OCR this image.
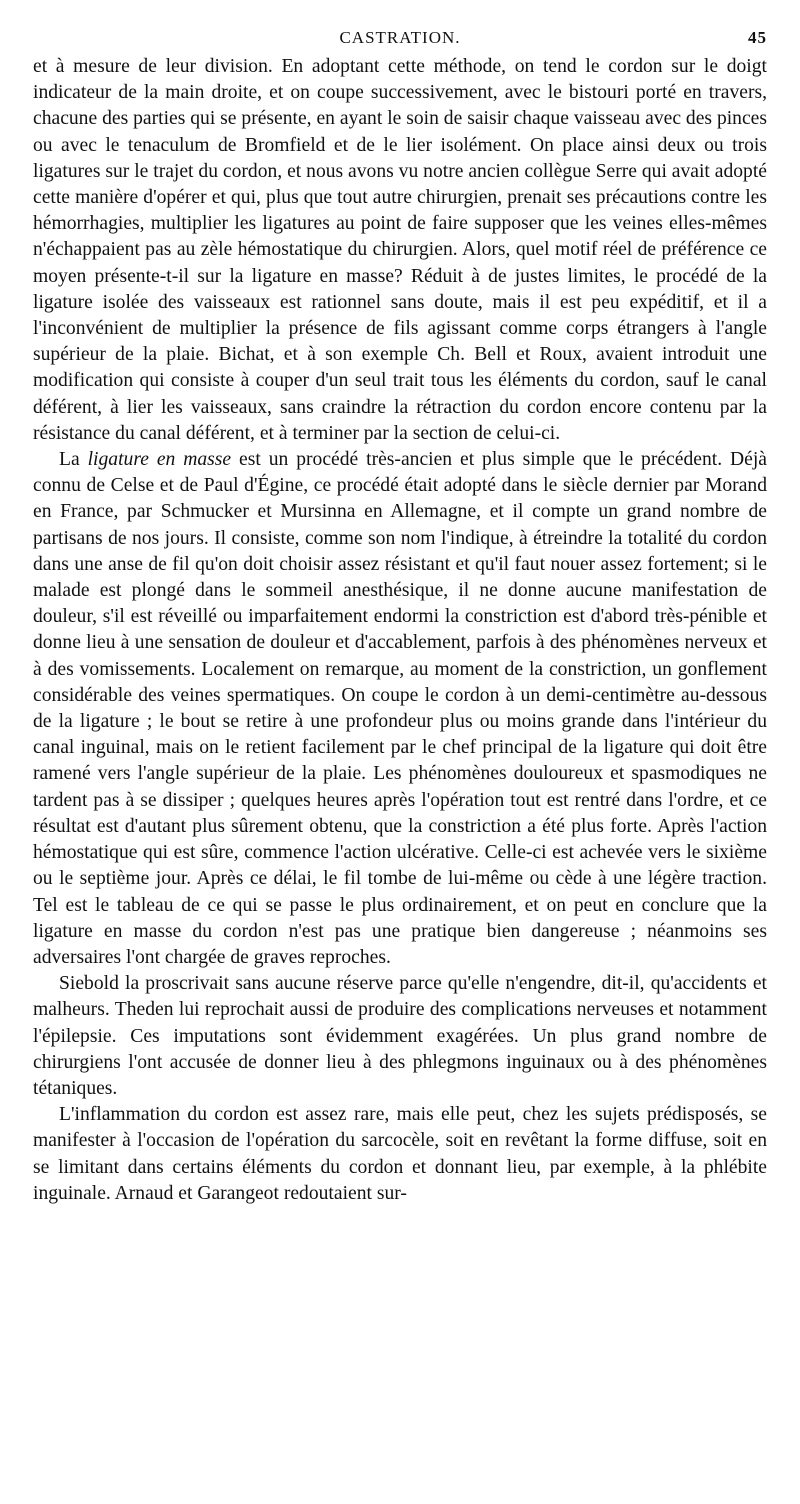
CASTRATION.	45

et à mesure de leur division. En adoptant cette méthode, on tend le cordon sur le doigt indicateur de la main droite, et on coupe successivement, avec le bistouri porté en travers, chacune des parties qui se présente, en ayant le soin de saisir chaque vaisseau avec des pinces ou avec le tenaculum de Bromfield et de le lier isolément. On place ainsi deux ou trois ligatures sur le trajet du cordon, et nous avons vu notre ancien collègue Serre qui avait adopté cette manière d'opérer et qui, plus que tout autre chirurgien, prenait ses précautions contre les hémorrhagies, multiplier les ligatures au point de faire supposer que les veines elles-mêmes n'échappaient pas au zèle hémostatique du chirurgien. Alors, quel motif réel de préférence ce moyen présente-t-il sur la ligature en masse? Réduit à de justes limites, le procédé de la ligature isolée des vaisseaux est rationnel sans doute, mais il est peu expéditif, et il a l'inconvénient de multiplier la présence de fils agissant comme corps étrangers à l'angle supérieur de la plaie. Bichat, et à son exemple Ch. Bell et Roux, avaient introduit une modification qui consiste à couper d'un seul trait tous les éléments du cordon, sauf le canal déférent, à lier les vaisseaux, sans craindre la rétraction du cordon encore contenu par la résistance du canal déférent, et à terminer par la section de celui-ci.

La ligature en masse est un procédé très-ancien et plus simple que le précédent. Déjà connu de Celse et de Paul d'Égine, ce procédé était adopté dans le siècle dernier par Morand en France, par Schmucker et Mursinna en Allemagne, et il compte un grand nombre de partisans de nos jours. Il consiste, comme son nom l'indique, à étreindre la totalité du cordon dans une anse de fil qu'on doit choisir assez résistant et qu'il faut nouer assez fortement; si le malade est plongé dans le sommeil anesthésique, il ne donne aucune manifestation de douleur, s'il est réveillé ou imparfaitement endormi la constriction est d'abord très-pénible et donne lieu à une sensation de douleur et d'accablement, parfois à des phénomènes nerveux et à des vomissements. Localement on remarque, au moment de la constriction, un gonflement considérable des veines spermatiques. On coupe le cordon à un demi-centimètre au-dessous de la ligature ; le bout se retire à une profondeur plus ou moins grande dans l'intérieur du canal inguinal, mais on le retient facilement par le chef principal de la ligature qui doit être ramené vers l'angle supérieur de la plaie. Les phénomènes douloureux et spasmodiques ne tardent pas à se dissiper ; quelques heures après l'opération tout est rentré dans l'ordre, et ce résultat est d'autant plus sûrement obtenu, que la constriction a été plus forte. Après l'action hémostatique qui est sûre, commence l'action ulcérative. Celle-ci est achevée vers le sixième ou le septième jour. Après ce délai, le fil tombe de lui-même ou cède à une légère traction. Tel est le tableau de ce qui se passe le plus ordinairement, et on peut en conclure que la ligature en masse du cordon n'est pas une pratique bien dangereuse ; néanmoins ses adversaires l'ont chargée de graves reproches.

Siebold la proscrivait sans aucune réserve parce qu'elle n'engendre, dit-il, qu'accidents et malheurs. Theden lui reprochait aussi de produire des complications nerveuses et notamment l'épilepsie. Ces imputations sont évidemment exagérées. Un plus grand nombre de chirurgiens l'ont accusée de donner lieu à des phlegmons inguinaux ou à des phénomènes tétaniques.

L'inflammation du cordon est assez rare, mais elle peut, chez les sujets prédisposés, se manifester à l'occasion de l'opération du sarcocèle, soit en revêtant la forme diffuse, soit en se limitant dans certains éléments du cordon et donnant lieu, par exemple, à la phlébite inguinale. Arnaud et Garangeot redoutaient sur-
